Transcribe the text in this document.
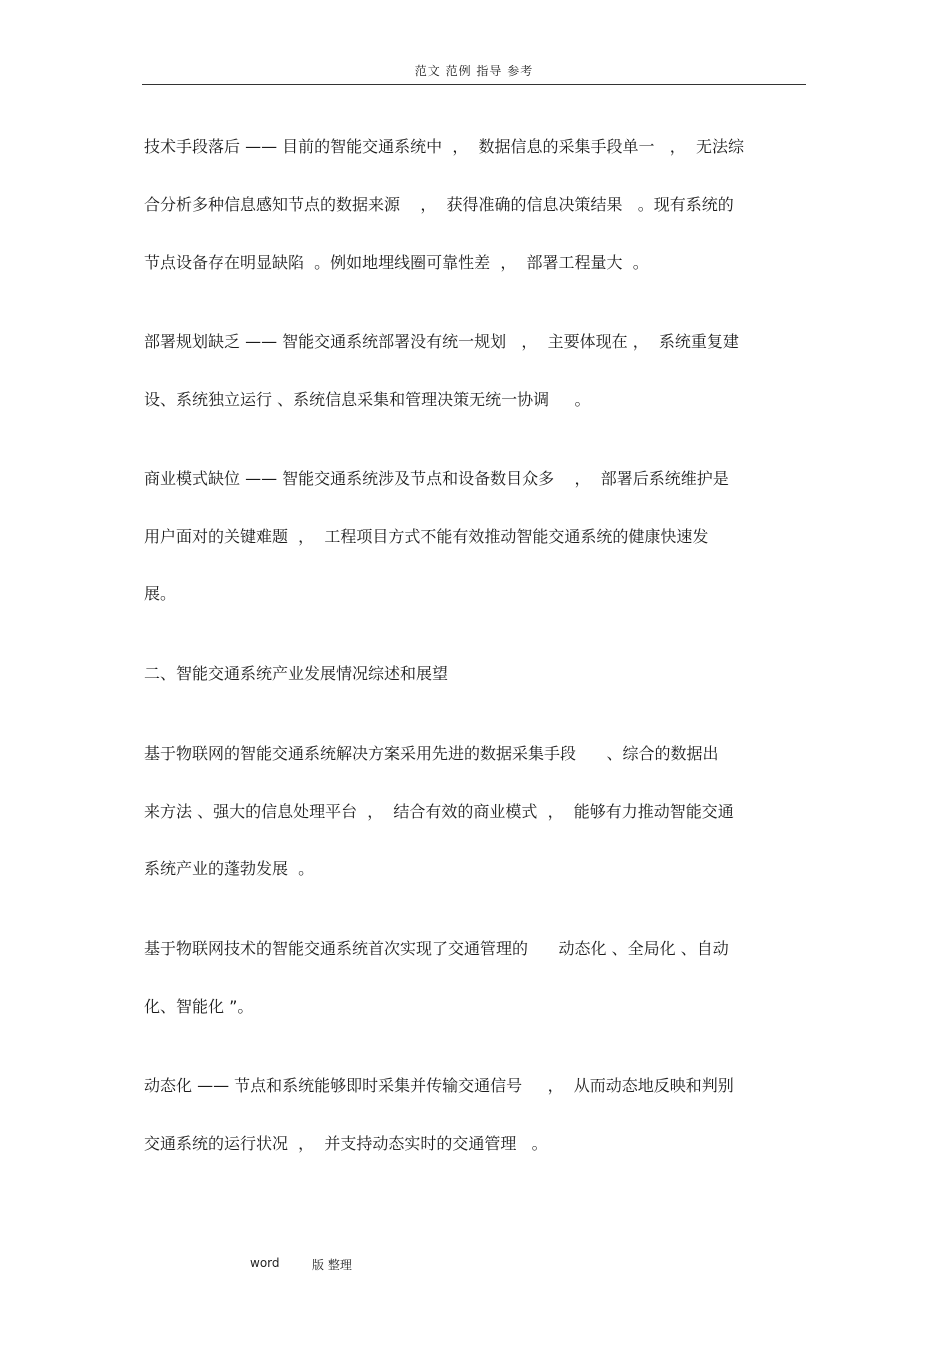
范文 范例 指导 参考
技术手段落后 —— 目前的智能交通系统中  ，  数据信息的采集手段单一   ，  无法综
合分析多种信息感知节点的数据来源    ，  获得准确的信息决策结果   。现有系统的
节点设备存在明显缺陷  。例如地埋线圈可靠性差  ，  部署工程量大  。
部署规划缺乏 —— 智能交通系统部署没有统一规划   ，  主要体现在 ，  系统重复建
设、系统独立运行 、系统信息采集和管理决策无统一协调     。
商业模式缺位 —— 智能交通系统涉及节点和设备数目众多    ，  部署后系统维护是
用户面对的关键难题  ，  工程项目方式不能有效推动智能交通系统的健康快速发
展。
二、智能交通系统产业发展情况综述和展望
基于物联网的智能交通系统解决方案采用先进的数据采集手段      、综合的数据出
来方法 、强大的信息处理平台  ，  结合有效的商业模式  ，  能够有力推动智能交通
系统产业的蓬勃发展  。
基于物联网技术的智能交通系统首次实现了交通管理的      动态化 、全局化 、自动
化、智能化 ”。
动态化 —— 节点和系统能够即时采集并传输交通信号     ，  从而动态地反映和判别
交通系统的运行状况  ，  并支持动态实时的交通管理   。
word	版 整理
